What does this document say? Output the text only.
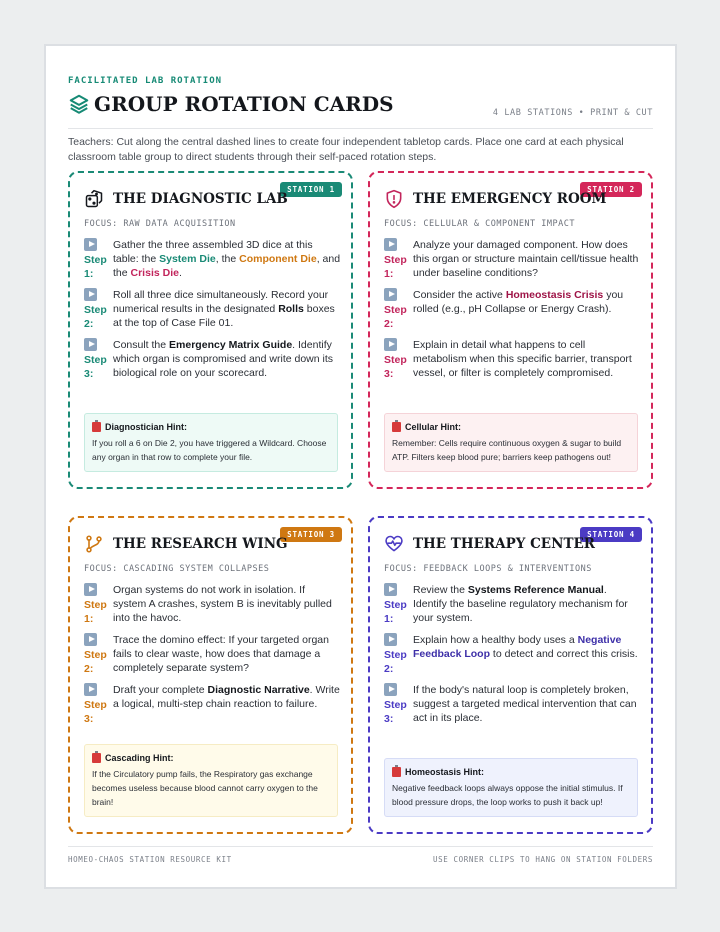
FACILITATED LAB ROTATION
GROUP ROTATION CARDS	4 LAB STATIONS • PRINT & CUT
Teachers: Cut along the central dashed lines to create four independent tabletop cards. Place one card at each physical classroom table group to direct students through their self-paced rotation steps.
STATION 1
THE DIAGNOSTIC LAB
FOCUS: RAW DATA ACQUISITION

Step 1:
Gather the three assembled 3D dice at this table: the System Die, the Component Die, and the Crisis Die.

Step 2:
Roll all three dice simultaneously. Record your numerical results in the designated Rolls boxes at the top of Case File 01.

Step 3:
Consult the Emergency Matrix Guide. Identify which organ is compromised and write down its biological role on your scorecard.
Diagnostician Hint:
If you roll a 6 on Die 2, you have triggered a Wildcard. Choose any organ in that row to complete your file.
STATION 2
THE EMERGENCY ROOM
FOCUS: CELLULAR & COMPONENT IMPACT

Step 1:
Analyze your damaged component. How does this organ or structure maintain cell/tissue health under baseline conditions?

Step 2:
Consider the active Homeostasis Crisis you rolled (e.g., pH Collapse or Energy Crash).

Step 3:
Explain in detail what happens to cell metabolism when this specific barrier, transport vessel, or filter is completely compromised.
Cellular Hint:
Remember: Cells require continuous oxygen & sugar to build ATP. Filters keep blood pure; barriers keep pathogens out!
STATION 3
THE RESEARCH WING
FOCUS: CASCADING SYSTEM COLLAPSES

Step 1:
Organ systems do not work in isolation. If system A crashes, system B is inevitably pulled into the havoc.

Step 2:
Trace the domino effect: If your targeted organ fails to clear waste, how does that damage a completely separate system?

Step 3:
Draft your complete Diagnostic Narrative. Write a logical, multi-step chain reaction to failure.
Cascading Hint:
If the Circulatory pump fails, the Respiratory gas exchange becomes useless because blood cannot carry oxygen to the brain!
STATION 4
THE THERAPY CENTER
FOCUS: FEEDBACK LOOPS & INTERVENTIONS

Step 1:
Review the Systems Reference Manual. Identify the baseline regulatory mechanism for your system.

Step 2:
Explain how a healthy body uses a Negative Feedback Loop to detect and correct this crisis.

Step 3:
If the body's natural loop is completely broken, suggest a targeted medical intervention that can act in its place.
Homeostasis Hint:
Negative feedback loops always oppose the initial stimulus. If blood pressure drops, the loop works to push it back up!
HOMEO-CHAOS STATION RESOURCE KIT	USE CORNER CLIPS TO HANG ON STATION FOLDERS
